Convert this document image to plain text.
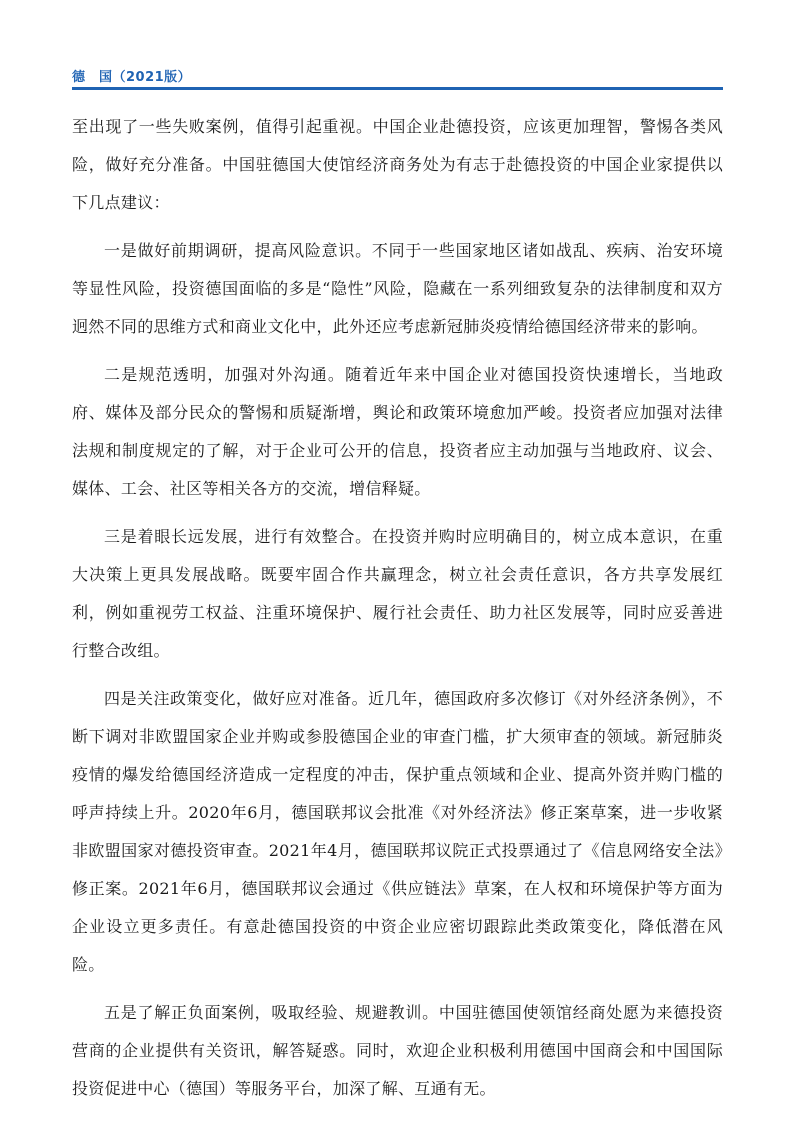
德　国（2021版）

至出现了一些失败案例，值得引起重视。中国企业赴德投资，应该更加理智，警惕各类风险，做好充分准备。中国驻德国大使馆经济商务处为有志于赴德投资的中国企业家提供以下几点建议：

一是做好前期调研，提高风险意识。不同于一些国家地区诸如战乱、疾病、治安环境等显性风险，投资德国面临的多是“隐性”风险，隐藏在一系列细致复杂的法律制度和双方迥然不同的思维方式和商业文化中，此外还应考虑新冠肺炎疫情给德国经济带来的影响。

二是规范透明，加强对外沟通。随着近年来中国企业对德国投资快速增长，当地政府、媒体及部分民众的警惕和质疑渐增，舆论和政策环境愈加严峻。投资者应加强对法律法规和制度规定的了解，对于企业可公开的信息，投资者应主动加强与当地政府、议会、媒体、工会、社区等相关各方的交流，增信释疑。

三是着眼长远发展，进行有效整合。在投资并购时应明确目的，树立成本意识，在重大决策上更具发展战略。既要牢固合作共赢理念，树立社会责任意识，各方共享发展红利，例如重视劳工权益、注重环境保护、履行社会责任、助力社区发展等，同时应妥善进行整合改组。

四是关注政策变化，做好应对准备。近几年，德国政府多次修订《对外经济条例》，不断下调对非欧盟国家企业并购或参股德国企业的审查门槛，扩大须审查的领域。新冠肺炎疫情的爆发给德国经济造成一定程度的冲击，保护重点领域和企业、提高外资并购门槛的呼声持续上升。2020年6月，德国联邦议会批准《对外经济法》修正案草案，进一步收紧非欧盟国家对德投资审查。2021年4月，德国联邦议院正式投票通过了《信息网络安全法》修正案。2021年6月，德国联邦议会通过《供应链法》草案，在人权和环境保护等方面为企业设立更多责任。有意赴德国投资的中资企业应密切跟踪此类政策变化，降低潜在风险。

五是了解正负面案例，吸取经验、规避教训。中国驻德国使领馆经商处愿为来德投资营商的企业提供有关资讯，解答疑惑。同时，欢迎企业积极利用德国中国商会和中国国际投资促进中心（德国）等服务平台，加深了解、互通有无。
